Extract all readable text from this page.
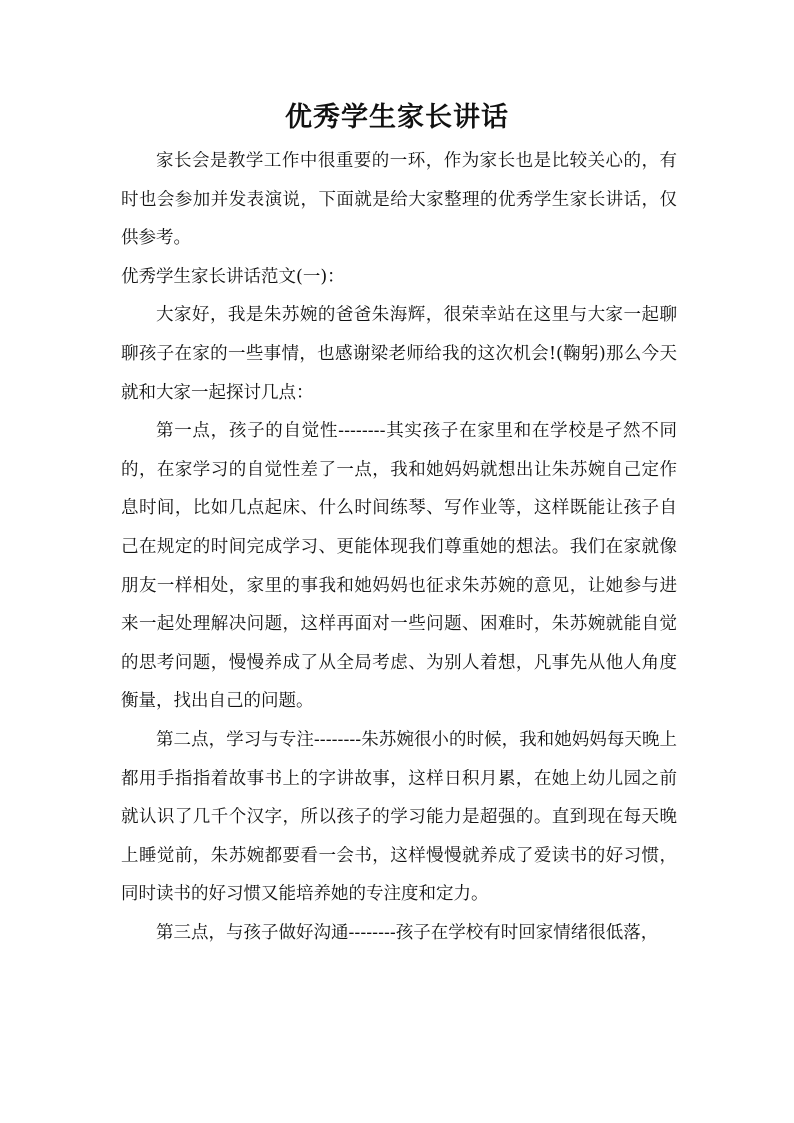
优秀学生家长讲话

家长会是教学工作中很重要的一环，作为家长也是比较关心的，有时也会参加并发表演说，下面就是给大家整理的优秀学生家长讲话，仅供参考。

优秀学生家长讲话范文(一)：

大家好，我是朱苏婉的爸爸朱海辉，很荣幸站在这里与大家一起聊聊孩子在家的一些事情，也感谢梁老师给我的这次机会!(鞠躬)那么今天就和大家一起探讨几点：

第一点，孩子的自觉性--------其实孩子在家里和在学校是孑然不同的，在家学习的自觉性差了一点，我和她妈妈就想出让朱苏婉自己定作息时间，比如几点起床、什么时间练琴、写作业等，这样既能让孩子自己在规定的时间完成学习、更能体现我们尊重她的想法。我们在家就像朋友一样相处，家里的事我和她妈妈也征求朱苏婉的意见，让她参与进来一起处理解决问题，这样再面对一些问题、困难时，朱苏婉就能自觉的思考问题，慢慢养成了从全局考虑、为别人着想，凡事先从他人角度衡量，找出自己的问题。

第二点，学习与专注--------朱苏婉很小的时候，我和她妈妈每天晚上都用手指指着故事书上的字讲故事，这样日积月累，在她上幼儿园之前就认识了几千个汉字，所以孩子的学习能力是超强的。直到现在每天晚上睡觉前，朱苏婉都要看一会书，这样慢慢就养成了爱读书的好习惯，同时读书的好习惯又能培养她的专注度和定力。

第三点，与孩子做好沟通--------孩子在学校有时回家情绪很低落，
